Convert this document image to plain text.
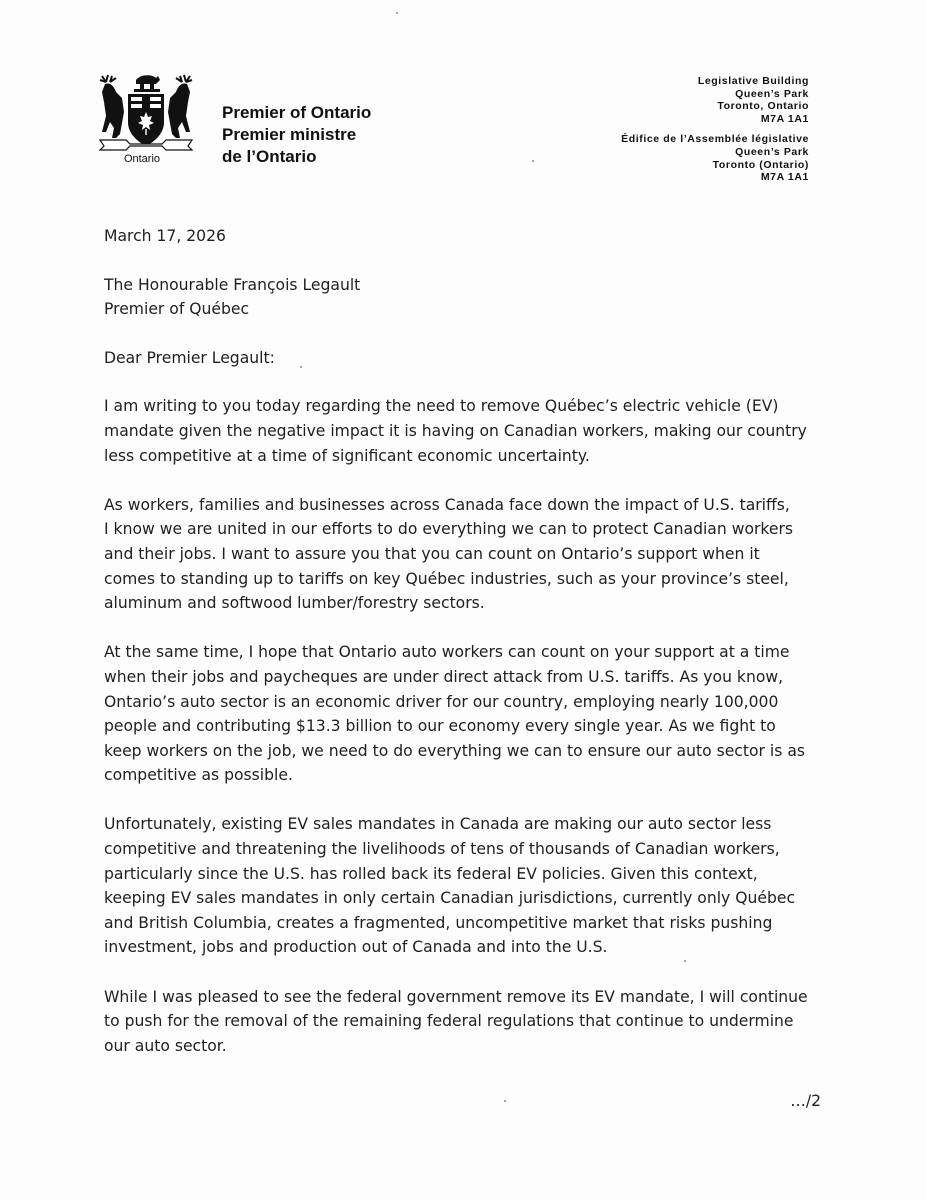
Ontario
Premier of Ontario
Premier ministre
de l’Ontario
Legislative Building
Queen’s Park
Toronto, Ontario
M7A 1A1
Édifice de l’Assemblée législative
Queen’s Park
Toronto (Ontario)
M7A 1A1

March 17, 2026

The Honourable François Legault
Premier of Québec

Dear Premier Legault:

I am writing to you today regarding the need to remove Québec’s electric vehicle (EV)
mandate given the negative impact it is having on Canadian workers, making our country
less competitive at a time of significant economic uncertainty.

As workers, families and businesses across Canada face down the impact of U.S. tariffs,
I know we are united in our efforts to do everything we can to protect Canadian workers
and their jobs. I want to assure you that you can count on Ontario’s support when it
comes to standing up to tariffs on key Québec industries, such as your province’s steel,
aluminum and softwood lumber/forestry sectors.

At the same time, I hope that Ontario auto workers can count on your support at a time
when their jobs and paycheques are under direct attack from U.S. tariffs. As you know,
Ontario’s auto sector is an economic driver for our country, employing nearly 100,000
people and contributing $13.3 billion to our economy every single year. As we fight to
keep workers on the job, we need to do everything we can to ensure our auto sector is as
competitive as possible.

Unfortunately, existing EV sales mandates in Canada are making our auto sector less
competitive and threatening the livelihoods of tens of thousands of Canadian workers,
particularly since the U.S. has rolled back its federal EV policies. Given this context,
keeping EV sales mandates in only certain Canadian jurisdictions, currently only Québec
and British Columbia, creates a fragmented, uncompetitive market that risks pushing
investment, jobs and production out of Canada and into the U.S.

While I was pleased to see the federal government remove its EV mandate, I will continue
to push for the removal of the remaining federal regulations that continue to undermine
our auto sector.

…/2
